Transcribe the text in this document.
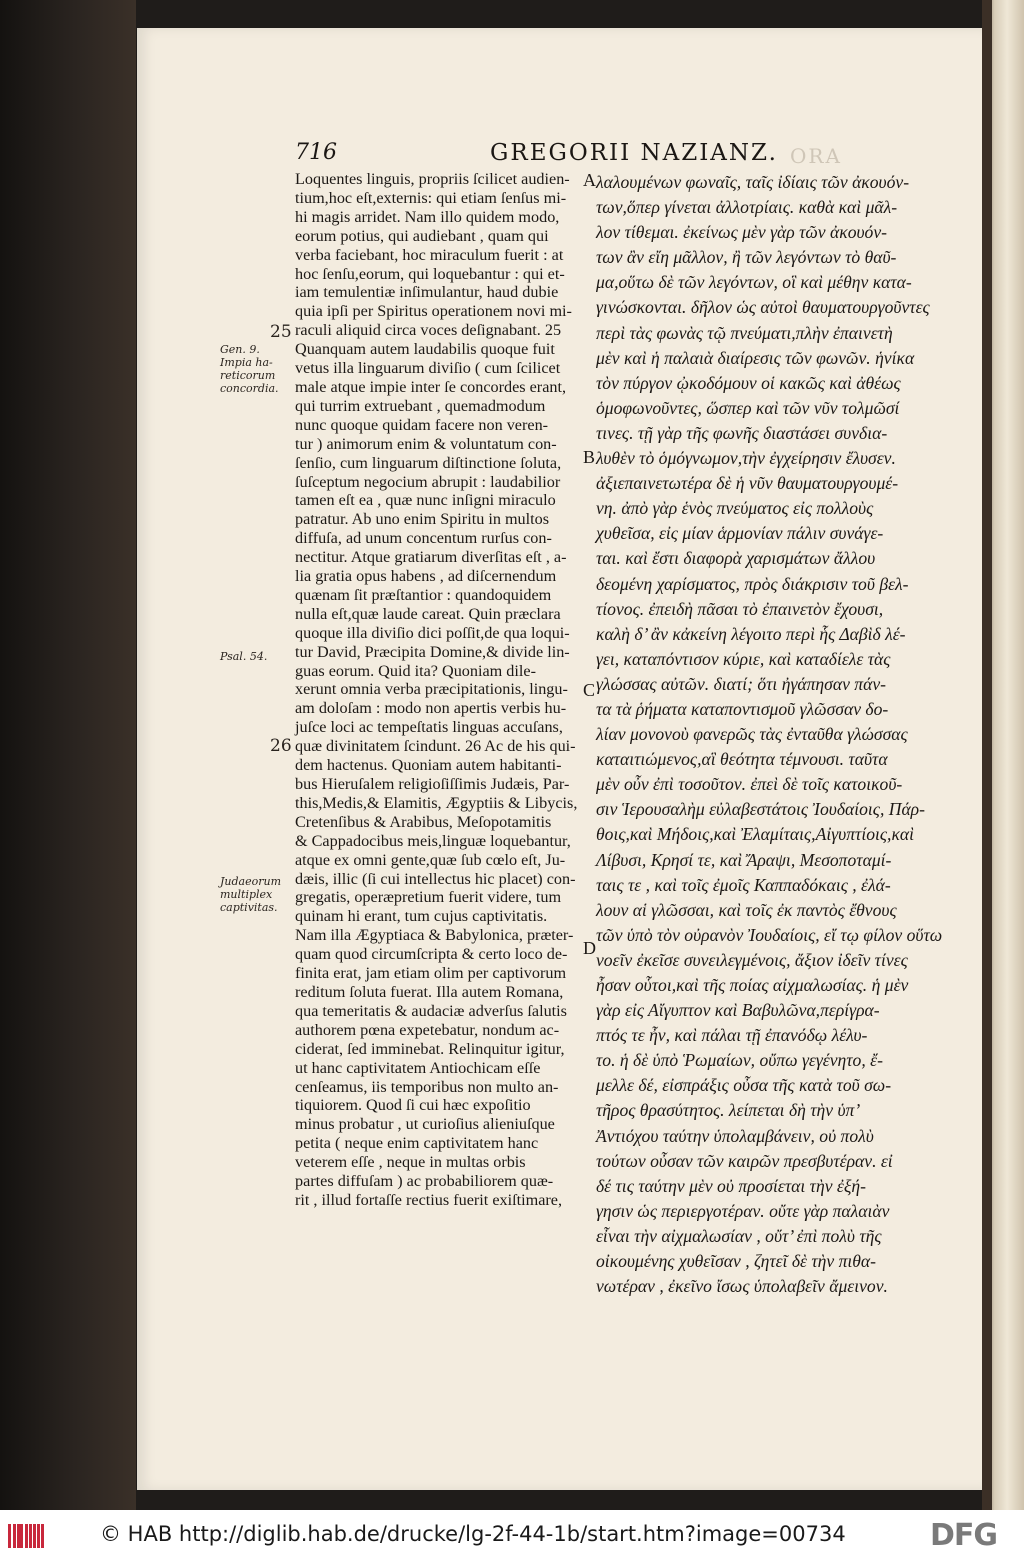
716	GREGORII NAZIANZ. ORA
25
26
Gen. 9.
Impia ha-
reticorum
concordia.
Psal. 54.
Judaeorum
multiplex
captivitas.
A
B
C
D

Loquentes linguis, propriis ſcilicet audien-

tium,hoc eſt,externis: qui etiam ſenſus mi-

hi magis arridet. Nam illo quidem modo,

eorum potius, qui audiebant , quam qui

verba faciebant, hoc miraculum fuerit : at

hoc ſenſu,eorum, qui loquebantur : qui et-

iam temulentiæ inſimulantur, haud dubie

quia ipſi per Spiritus operationem novi mi-

raculi aliquid circa voces deſignabant. 25

Quanquam autem laudabilis quoque fuit

vetus illa linguarum diviſio ( cum ſcilicet

male atque impie inter ſe concordes erant,

qui turrim extruebant , quemadmodum

nunc quoque quidam facere non veren-

tur ) animorum enim & voluntatum con-

ſenſio, cum linguarum diſtinctione ſoluta,

ſuſceptum negocium abrupit : laudabilior

tamen eſt ea , quæ nunc inſigni miraculo

patratur. Ab uno enim Spiritu in multos

diffuſa, ad unum concentum rurſus con-

nectitur. Atque gratiarum diverſitas eſt , a-

lia gratia opus habens , ad diſcernendum

quænam ſit præſtantior : quandoquidem

nulla eſt,quæ laude careat. Quin præclara

quoque illa diviſio dici poſſit,de qua loqui-

tur David, Præcipita Domine,& divide lin-

guas eorum. Quid ita? Quoniam dile-

xerunt omnia verba præcipitationis, lingu-

am doloſam : modo non apertis verbis hu-

juſce loci ac tempeſtatis linguas accuſans,

quæ divinitatem ſcindunt. 26 Ac de his qui-

dem hactenus. Quoniam autem habitanti-

bus Hieruſalem religioſiſſimis Judæis, Par-

this,Medis,& Elamitis, Ægyptiis & Libycis,

Cretenſibus & Arabibus, Meſopotamitis

& Cappadocibus meis,linguæ loquebantur,

atque ex omni gente,quæ ſub cœlo eſt, Ju-

dæis, illic (ſi cui intellectus hic placet) con-

gregatis, operæpretium fuerit videre, tum

quinam hi erant, tum cujus captivitatis.

Nam illa Ægyptiaca & Babylonica, præter-

quam quod circumſcripta & certo loco de-

finita erat, jam etiam olim per captivorum

reditum ſoluta fuerat. Illa autem Romana,

qua temeritatis & audaciæ adverſus ſalutis

authorem pœna expetebatur, nondum ac-

ciderat, ſed imminebat. Relinquitur igitur,

ut hanc captivitatem Antiochicam eſſe

cenſeamus, iis temporibus non multo an-

tiquiorem. Quod ſi cui hæc expoſitio

minus probatur , ut curioſius alieniuſque

petita ( neque enim captivitatem hanc

veterem eſſe , neque in multas orbis

partes diffuſam ) ac probabiliorem quæ-

rit , illud fortaſſe rectius fuerit exiſtimare,

λαλουμένων φωναῖς, ταῖς ἰδίαις τῶν ἀκουόν-

των,ὅπερ γίνεται ἀλλοτρίαις. καθὰ καὶ μᾶλ-

λον τίθεμαι. ἐκείνως μὲν γὰρ τῶν ἀκουόν-

των ἂν εἴη μᾶλλον, ἢ τῶν λεγόντων τὸ θαῦ-

μα,οὕτω δὲ τῶν λεγόντων, οἳ καὶ μέθην κατα-

γινώσκονται. δῆλον ὡς αὐτοὶ θαυματουργοῦντες

περὶ τὰς φωνὰς τῷ πνεύματι,πλὴν ἐπαινετὴ

μὲν καὶ ἡ παλαιὰ διαίρεσις τῶν φωνῶν. ἡνίκα

τὸν πύργον ᾠκοδόμουν οἱ κακῶς καὶ ἀθέως

ὁμοφωνοῦντες, ὥσπερ καὶ τῶν νῦν τολμῶσί

τινες. τῇ γὰρ τῆς φωνῆς διαστάσει συνδια-

λυθὲν τὸ ὁμόγνωμον,τὴν ἐγχείρησιν ἔλυσεν.

ἀξιεπαινετωτέρα δὲ ἡ νῦν θαυματουργουμέ-

νη. ἀπὸ γὰρ ἑνὸς πνεύματος εἰς πολλοὺς

χυθεῖσα, εἰς μίαν ἁρμονίαν πάλιν συνάγε-

ται. καὶ ἔστι διαφορὰ χαρισμάτων ἄλλου

δεομένη χαρίσματος, πρὸς διάκρισιν τοῦ βελ-

τίονος. ἐπειδὴ πᾶσαι τὸ ἐπαινετὸν ἔχουσι,

καλὴ δ’ ἂν κἀκείνη λέγοιτο περὶ ἧς Δαβὶδ λέ-

γει, καταπόντισον κύριε, καὶ καταδίελε τὰς

γλώσσας αὐτῶν. διατί; ὅτι ἠγάπησαν πάν-

τα τὰ ῥήματα καταποντισμοῦ γλῶσσαν δο-

λίαν μονονοὺ φανερῶς τὰς ἐνταῦθα γλώσσας

καταιτιώμενος,αἳ θεότητα τέμνουσι. ταῦτα

μὲν οὖν ἐπὶ τοσοῦτον. ἐπεὶ δὲ τοῖς κατοικοῦ-

σιν Ἱερουσαλὴμ εὐλαβεστάτοις Ἰουδαίοις, Πάρ-

θοις,καὶ Μήδοις,καὶ Ἐλαμίταις,Αἰγυπτίοις,καὶ

Λίβυσι, Κρησί τε, καὶ Ἄραψι, Μεσοποταμί-

ταις τε , καὶ τοῖς ἐμοῖς Καππαδόκαις , ἐλά-

λουν αἱ γλῶσσαι, καὶ τοῖς ἐκ παντὸς ἔθνους

τῶν ὑπὸ τὸν οὐρανὸν Ἰουδαίοις, εἴ τῳ φίλον οὕτω

νοεῖν ἐκεῖσε συνειλεγμένοις, ἄξιον ἰδεῖν τίνες

ἦσαν οὗτοι,καὶ τῆς ποίας αἰχμαλωσίας. ἡ μὲν

γὰρ εἰς Αἴγυπτον καὶ Βαβυλῶνα,περίγρα-

πτός τε ἦν, καὶ πάλαι τῇ ἐπανόδῳ λέλυ-

το. ἡ δὲ ὑπὸ Ῥωμαίων, οὔπω γεγένητο, ἔ-

μελλε δέ, εἰσπράξις οὖσα τῆς κατὰ τοῦ σω-

τῆρος θρασύτητος. λείπεται δὴ τὴν ὑπ’

Ἀντιόχου ταύτην ὑπολαμβάνειν, οὐ πολὺ

τούτων οὖσαν τῶν καιρῶν πρεσβυτέραν. εἰ

δέ τις ταύτην μὲν οὐ προσίεται τὴν ἐξή-

γησιν ὡς περιεργοτέραν. οὔτε γὰρ παλαιὰν

εἶναι τὴν αἰχμαλωσίαν , οὔτ’ ἐπὶ πολὺ τῆς

οἰκουμένης χυθεῖσαν , ζητεῖ δὲ τὴν πιθα-

νωτέραν , ἐκεῖνο ἴσως ὑπολαβεῖν ἄμεινον.

© HAB http://diglib.hab.de/drucke/lg-2f-44-1b/start.htm?image=00734	DFG
